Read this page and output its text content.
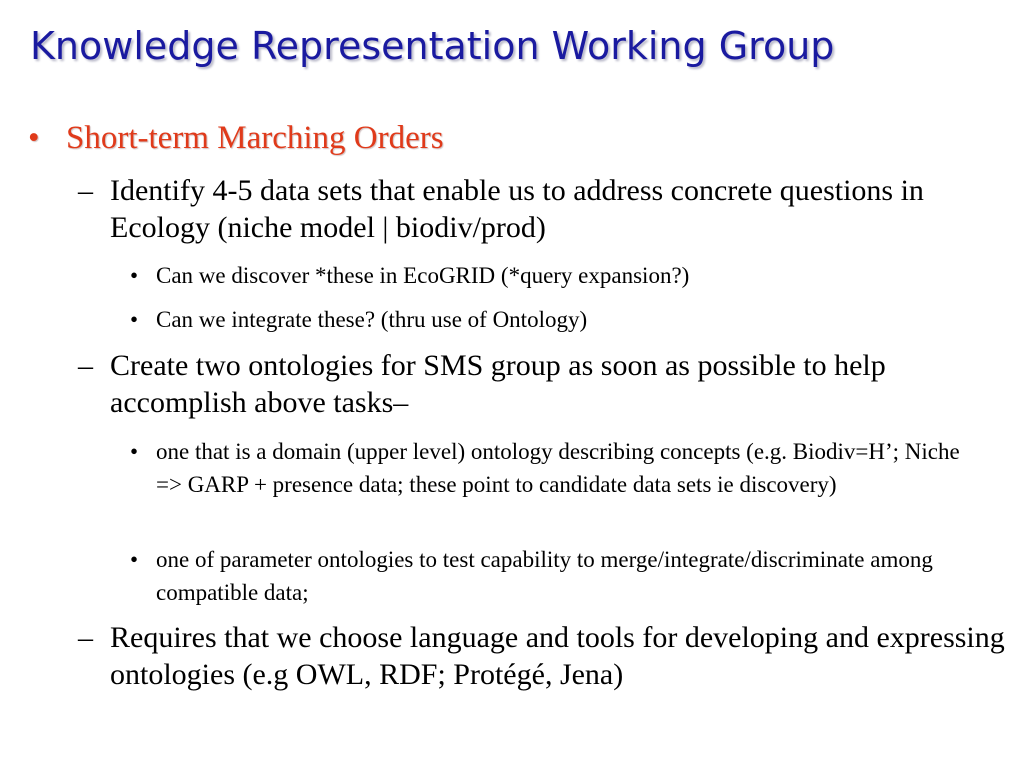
Knowledge Representation Working Group
• Short-term Marching Orders
– Identify 4-5 data sets that enable us to address concrete questions in Ecology (niche model | biodiv/prod)
• Can we discover *these in EcoGRID (*query expansion?)
• Can we integrate these? (thru use of Ontology)
– Create two ontologies for SMS group as soon as possible to help accomplish above tasks–
• one that is a domain (upper level) ontology describing concepts (e.g. Biodiv=H’; Niche => GARP + presence data; these point to candidate data sets ie discovery)
• one of parameter ontologies to test capability to merge/integrate/discriminate among compatible data;
– Requires that we choose language and tools for developing and expressing ontologies (e.g OWL, RDF; Protégé, Jena)
